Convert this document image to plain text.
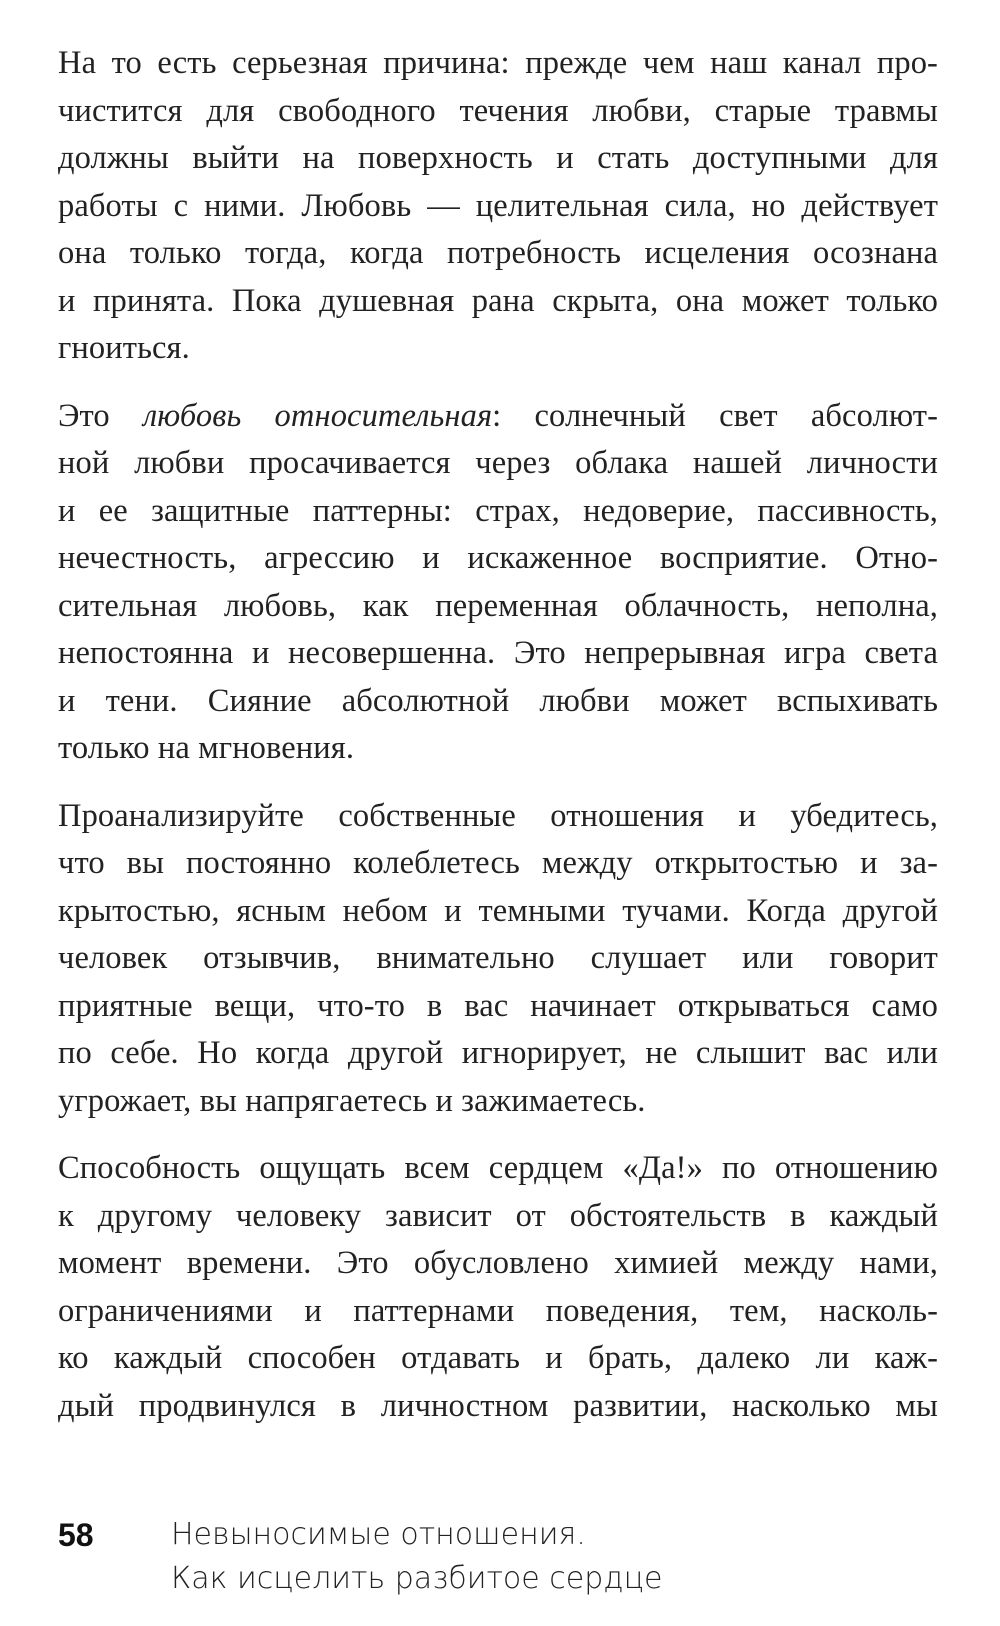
На то есть серьезная причина: прежде чем наш канал про-
чистится для свободного течения любви, старые травмы
должны выйти на поверхность и стать доступными для
работы с ними. Любовь — целительная сила, но действует
она только тогда, когда потребность исцеления осознана
и принята. Пока душевная рана скрыта, она может только
гноиться.

Это любовь относительная: солнечный свет абсолют-
ной любви просачивается через облака нашей личности
и ее защитные паттерны: страх, недоверие, пассивность,
нечестность, агрессию и искаженное восприятие. Отно-
сительная любовь, как переменная облачность, неполна,
непостоянна и несовершенна. Это непрерывная игра света
и тени. Сияние абсолютной любви может вспыхивать
только на мгновения.

Проанализируйте собственные отношения и убедитесь,
что вы постоянно колеблетесь между открытостью и за-
крытостью, ясным небом и темными тучами. Когда другой
человек отзывчив, внимательно слушает или говорит
приятные вещи, что-то в вас начинает открываться само
по себе. Но когда другой игнорирует, не слышит вас или
угрожает, вы напрягаетесь и зажимаетесь.

Способность ощущать всем сердцем «Да!» по отношению
к другому человеку зависит от обстоятельств в каждый
момент времени. Это обусловлено химией между нами,
ограничениями и паттернами поведения, тем, насколь-
ко каждый способен отдавать и брать, далеко ли каж-
дый продвинулся в личностном развитии, насколько мы

58	Невыносимые отношения.
Как исцелить разбитое сердце
